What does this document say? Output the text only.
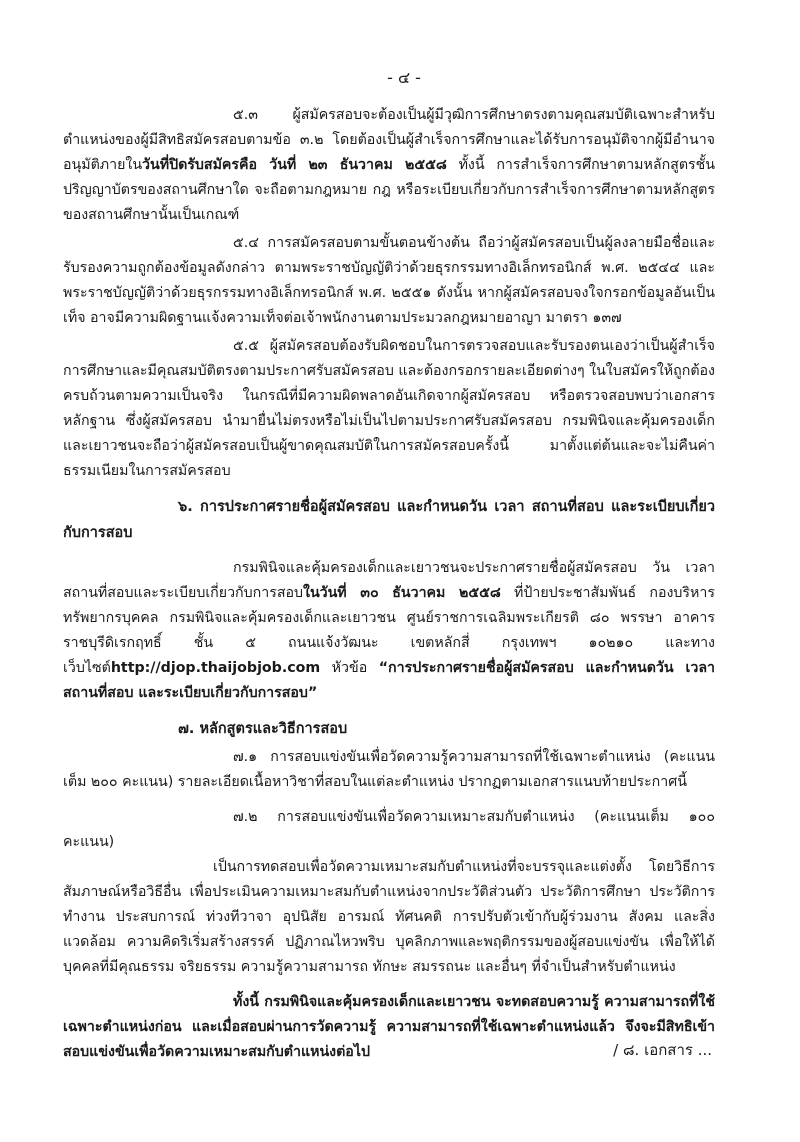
- ๔ -

๕.๓ ผู้สมัครสอบจะต้องเป็นผู้มีวุฒิการศึกษาตรงตามคุณสมบัติเฉพาะสำหรับตำแหน่งของผู้มีสิทธิสมัครสอบตามข้อ ๓.๒ โดยต้องเป็นผู้สำเร็จการศึกษาและได้รับการอนุมัติจากผู้มีอำนาจอนุมัติภายในวันที่ปิดรับสมัครคือ วันที่ ๒๓ ธันวาคม ๒๕๕๘ ทั้งนี้ การสำเร็จการศึกษาตามหลักสูตรชั้นปริญญาบัตรของสถานศึกษาใด จะถือตามกฎหมาย กฎ หรือระเบียบเกี่ยวกับการสำเร็จการศึกษาตามหลักสูตรของสถานศึกษานั้นเป็นเกณฑ์

๕.๔ การสมัครสอบตามขั้นตอนข้างต้น ถือว่าผู้สมัครสอบเป็นผู้ลงลายมือชื่อและรับรองความถูกต้องข้อมูลดังกล่าว ตามพระราชบัญญัติว่าด้วยธุรกรรมทางอิเล็กทรอนิกส์ พ.ศ. ๒๕๔๔ และพระราชบัญญัติว่าด้วยธุรกรรมทางอิเล็กทรอนิกส์ พ.ศ. ๒๕๕๑ ดังนั้น หากผู้สมัครสอบจงใจกรอกข้อมูลอันเป็นเท็จ อาจมีความผิดฐานแจ้งความเท็จต่อเจ้าพนักงานตามประมวลกฎหมายอาญา มาตรา ๑๓๗

๕.๕ ผู้สมัครสอบต้องรับผิดชอบในการตรวจสอบและรับรองตนเองว่าเป็นผู้สำเร็จการศึกษาและมีคุณสมบัติตรงตามประกาศรับสมัครสอบ และต้องกรอกรายละเอียดต่างๆ ในใบสมัครให้ถูกต้องครบถ้วนตามความเป็นจริง ในกรณีที่มีความผิดพลาดอันเกิดจากผู้สมัครสอบ หรือตรวจสอบพบว่าเอกสาร หลักฐาน ซึ่งผู้สมัครสอบ นำมายื่นไม่ตรงหรือไม่เป็นไปตามประกาศรับสมัครสอบ กรมพินิจและคุ้มครองเด็กและเยาวชนจะถือว่าผู้สมัครสอบเป็นผู้ขาดคุณสมบัติในการสมัครสอบครั้งนี้ มาตั้งแต่ต้นและจะไม่คืนค่าธรรมเนียมในการสมัครสอบ

๖. การประกาศรายชื่อผู้สมัครสอบ และกำหนดวัน เวลา สถานที่สอบ และระเบียบเกี่ยวกับการสอบ

กรมพินิจและคุ้มครองเด็กและเยาวชนจะประกาศรายชื่อผู้สมัครสอบ วัน เวลา สถานที่สอบและระเบียบเกี่ยวกับการสอบในวันที่ ๓๐ ธันวาคม ๒๕๕๘ ที่ป้ายประชาสัมพันธ์ กองบริหารทรัพยากรบุคคล กรมพินิจและคุ้มครองเด็กและเยาวชน ศูนย์ราชการเฉลิมพระเกียรติ ๘๐ พรรษา อาคารราชบุรีดิเรกฤทธิ์ ชั้น ๕ ถนนแจ้งวัฒนะ เขตหลักสี่ กรุงเทพฯ ๑๐๒๑๐ และทางเว็บไซต์http://djop.thaijobjob.com หัวข้อ “การประกาศรายชื่อผู้สมัครสอบ และกำหนดวัน เวลา สถานที่สอบ และระเบียบเกี่ยวกับการสอบ”

๗. หลักสูตรและวิธีการสอบ

๗.๑ การสอบแข่งขันเพื่อวัดความรู้ความสามารถที่ใช้เฉพาะตำแหน่ง (คะแนนเต็ม ๒๐๐ คะแนน) รายละเอียดเนื้อหาวิชาที่สอบในแต่ละตำแหน่ง ปรากฏตามเอกสารแนบท้ายประกาศนี้

๗.๒ การสอบแข่งขันเพื่อวัดความเหมาะสมกับตำแหน่ง (คะแนนเต็ม ๑๐๐ คะแนน)

เป็นการทดสอบเพื่อวัดความเหมาะสมกับตำแหน่งที่จะบรรจุและแต่งตั้ง โดยวิธีการสัมภาษณ์หรือวิธีอื่น เพื่อประเมินความเหมาะสมกับตำแหน่งจากประวัติส่วนตัว ประวัติการศึกษา ประวัติการทำงาน ประสบการณ์ ท่วงทีวาจา อุปนิสัย อารมณ์ ทัศนคติ การปรับตัวเข้ากับผู้ร่วมงาน สังคม และสิ่งแวดล้อม ความคิดริเริ่มสร้างสรรค์ ปฏิภาณไหวพริบ บุคลิกภาพและพฤติกรรมของผู้สอบแข่งขัน เพื่อให้ได้บุคคลที่มีคุณธรรม จริยธรรม ความรู้ความสามารถ ทักษะ สมรรถนะ และอื่นๆ ที่จำเป็นสำหรับตำแหน่ง

ทั้งนี้ กรมพินิจและคุ้มครองเด็กและเยาวชน จะทดสอบความรู้ ความสามารถที่ใช้เฉพาะตำแหน่งก่อน และเมื่อสอบผ่านการวัดความรู้ ความสามารถที่ใช้เฉพาะตำแหน่งแล้ว จึงจะมีสิทธิเข้าสอบแข่งขันเพื่อวัดความเหมาะสมกับตำแหน่งต่อไป	/ ๘. เอกสาร ...
